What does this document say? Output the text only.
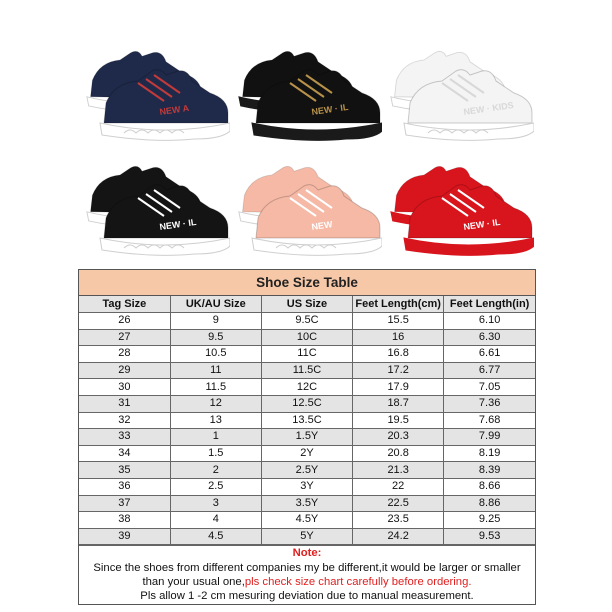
NEW A	NEW · IL	NEW · KIDS
NEW · IL	NEW	NEW · IL
Shoe Size Table
Tag Size	UK/AU Size	US Size	Feet Length(cm)	Feet Length(in)
26	9	9.5C	15.5	6.10
27	9.5	10C	16	6.30
28	10.5	11C	16.8	6.61
29	11	11.5C	17.2	6.77
30	11.5	12C	17.9	7.05
31	12	12.5C	18.7	7.36
32	13	13.5C	19.5	7.68
33	1	1.5Y	20.3	7.99
34	1.5	2Y	20.8	8.19
35	2	2.5Y	21.3	8.39
36	2.5	3Y	22	8.66
37	3	3.5Y	22.5	8.86
38	4	4.5Y	23.5	9.25
39	4.5	5Y	24.2	9.53
Note:
Since the shoes from different companies my be different,it would be larger or smaller
than your usual one,pls check size chart carefully before ordering.
Pls allow 1 -2 cm mesuring deviation due to manual measurement.
